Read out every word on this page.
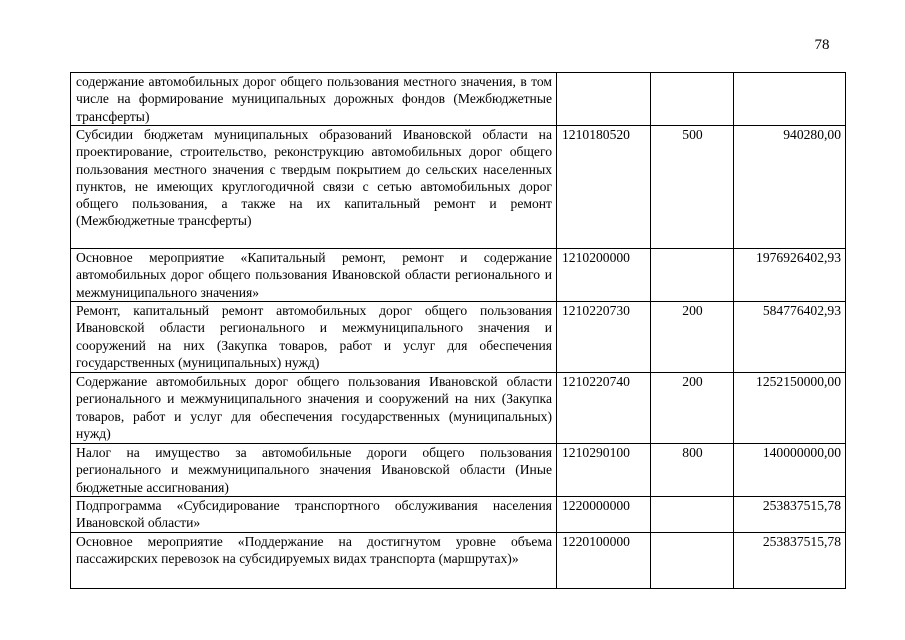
78
содержание автомобильных дорог общего пользования местного значения, в том числе на формирование муниципальных дорожных фондов (Межбюджетные трансферты)			
Субсидии бюджетам муниципальных образований Ивановской области на проектирование, строительство, реконструкцию автомобильных дорог общего пользования местного значения с твердым покрытием до сельских населенных пунктов, не имеющих круглогодичной связи с сетью автомобильных дорог общего пользования, а также на их капитальный ремонт и ремонт (Межбюджетные трансферты)	1210180520	500	940280,00
Основное мероприятие «Капитальный ремонт, ремонт и содержание автомобильных дорог общего пользования Ивановской области регионального и межмуниципального значения»	1210200000		1976926402,93
Ремонт, капитальный ремонт автомобильных дорог общего пользования Ивановской области регионального и межмуниципального значения и сооружений на них (Закупка товаров, работ и услуг для обеспечения государственных (муниципальных) нужд)	1210220730	200	584776402,93
Содержание автомобильных дорог общего пользования Ивановской области регионального и межмуниципального значения и сооружений на них (Закупка товаров, работ и услуг для обеспечения государственных (муниципальных) нужд)	1210220740	200	1252150000,00
Налог на имущество за автомобильные дороги общего пользования регионального и межмуниципального значения Ивановской области (Иные бюджетные ассигнования)	1210290100	800	140000000,00
Подпрограмма «Субсидирование транспортного обслуживания населения Ивановской области»	1220000000		253837515,78
Основное мероприятие «Поддержание на достигнутом уровне объема пассажирских перевозок на субсидируемых видах транспорта (маршрутах)»	1220100000		253837515,78
